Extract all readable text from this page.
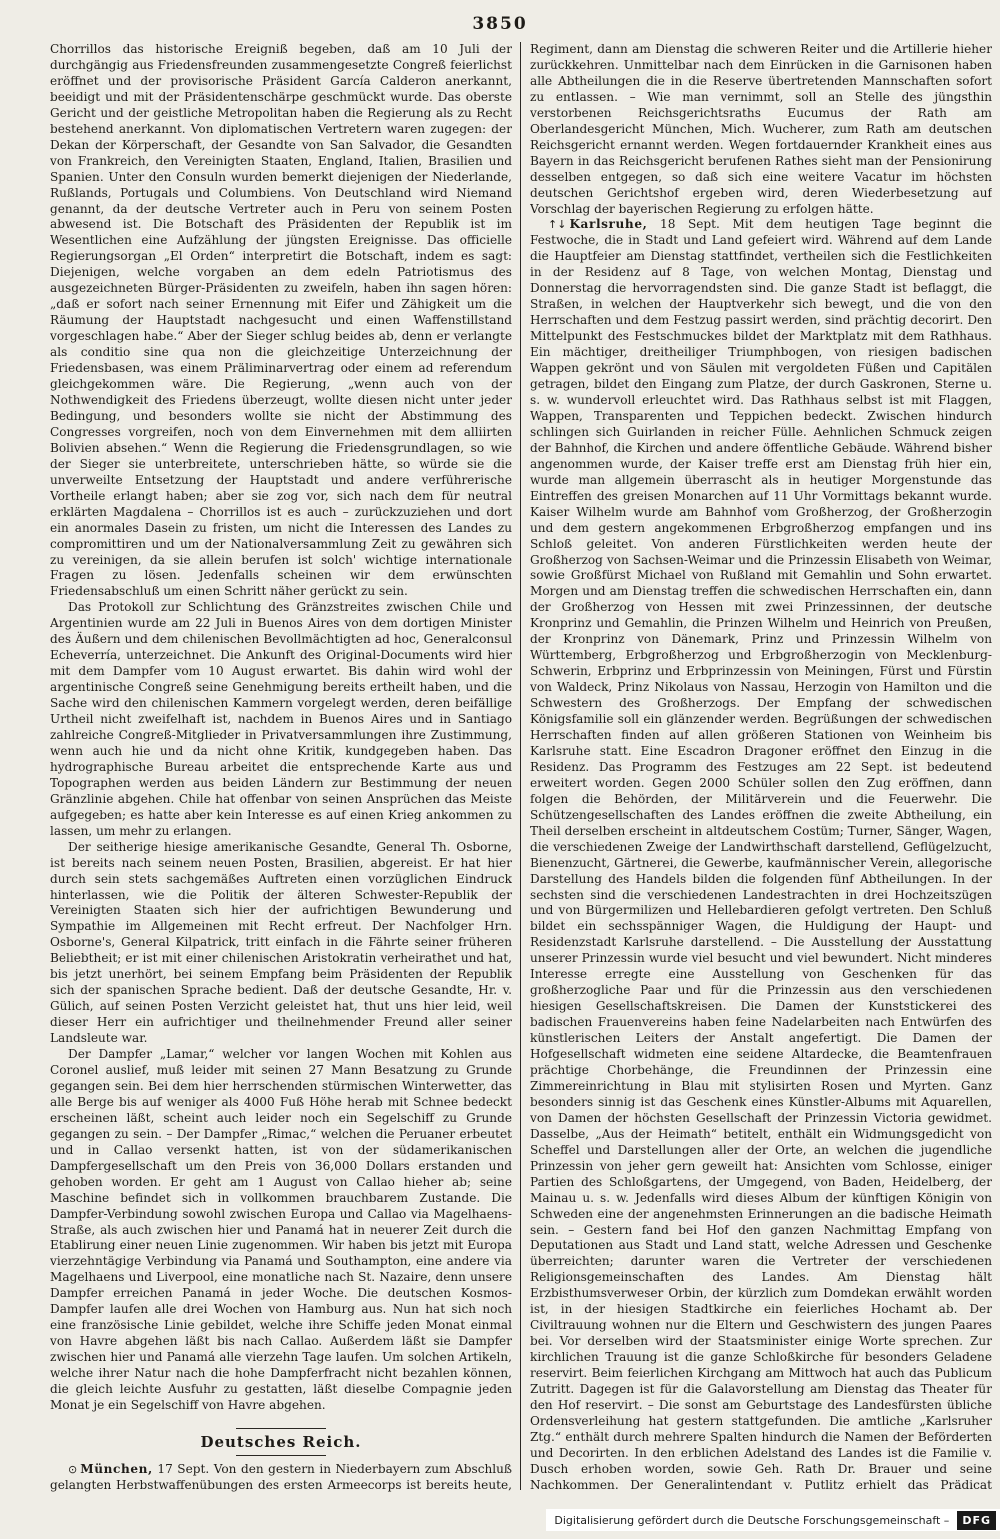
3850

Chorrillos das historische Ereigniß begeben, daß am 10 Juli der durchgängig aus Friedensfreunden zusammengesetzte Congreß feierlichst eröffnet und der provisorische Präsident García Calderon anerkannt, beeidigt und mit der Präsidentenschärpe geschmückt wurde. Das oberste Gericht und der geistliche Metropolitan haben die Regierung als zu Recht bestehend anerkannt. Von diplomatischen Vertretern waren zugegen: der Dekan der Körperschaft, der Gesandte von San Salvador, die Gesandten von Frankreich, den Vereinigten Staaten, England, Italien, Brasilien und Spanien. Unter den Consuln wurden bemerkt diejenigen der Niederlande, Rußlands, Portugals und Columbiens. Von Deutschland wird Niemand genannt, da der deutsche Vertreter auch in Peru von seinem Posten abwesend ist. Die Botschaft des Präsidenten der Republik ist im Wesentlichen eine Aufzählung der jüngsten Ereignisse. Das officielle Regierungsorgan „El Orden“ interpretirt die Botschaft, indem es sagt: Diejenigen, welche vorgaben an dem edeln Patriotismus des ausgezeichneten Bürger-Präsidenten zu zweifeln, haben ihn sagen hören: „daß er sofort nach seiner Ernennung mit Eifer und Zähigkeit um die Räumung der Hauptstadt nachgesucht und einen Waffenstillstand vorgeschlagen habe.“ Aber der Sieger schlug beides ab, denn er verlangte als conditio sine qua non die gleichzeitige Unterzeichnung der Friedensbasen, was einem Präliminarvertrag oder einem ad referendum gleichgekommen wäre. Die Regierung, „wenn auch von der Nothwendigkeit des Friedens überzeugt, wollte diesen nicht unter jeder Bedingung, und besonders wollte sie nicht der Abstimmung des Congresses vorgreifen, noch von dem Einvernehmen mit dem alliirten Bolivien absehen.“ Wenn die Regierung die Friedensgrundlagen, so wie der Sieger sie unterbreitete, unterschrieben hätte, so würde sie die unverweilte Entsetzung der Hauptstadt und andere verführerische Vortheile erlangt haben; aber sie zog vor, sich nach dem für neutral erklärten Magdalena – Chorrillos ist es auch – zurückzuziehen und dort ein anormales Dasein zu fristen, um nicht die Interessen des Landes zu compromittiren und um der Nationalversammlung Zeit zu gewähren sich zu vereinigen, da sie allein berufen ist solch' wichtige internationale Fragen zu lösen. Jedenfalls scheinen wir dem erwünschten Friedensabschluß um einen Schritt näher gerückt zu sein.

Das Protokoll zur Schlichtung des Gränzstreites zwischen Chile und Argentinien wurde am 22 Juli in Buenos Aires von dem dortigen Minister des Äußern und dem chilenischen Bevollmächtigten ad hoc, Generalconsul Echeverría, unterzeichnet. Die Ankunft des Original-Documents wird hier mit dem Dampfer vom 10 August erwartet. Bis dahin wird wohl der argentinische Congreß seine Genehmigung bereits ertheilt haben, und die Sache wird den chilenischen Kammern vorgelegt werden, deren beifällige Urtheil nicht zweifelhaft ist, nachdem in Buenos Aires und in Santiago zahlreiche Congreß-Mitglieder in Privatversammlungen ihre Zustimmung, wenn auch hie und da nicht ohne Kritik, kundgegeben haben. Das hydrographische Bureau arbeitet die entsprechende Karte aus und Topographen werden aus beiden Ländern zur Bestimmung der neuen Gränzlinie abgehen. Chile hat offenbar von seinen Ansprüchen das Meiste aufgegeben; es hatte aber kein Interesse es auf einen Krieg ankommen zu lassen, um mehr zu erlangen.

Der seitherige hiesige amerikanische Gesandte, General Th. Osborne, ist bereits nach seinem neuen Posten, Brasilien, abgereist. Er hat hier durch sein stets sachgemäßes Auftreten einen vorzüglichen Eindruck hinterlassen, wie die Politik der älteren Schwester-Republik der Vereinigten Staaten sich hier der aufrichtigen Bewunderung und Sympathie im Allgemeinen mit Recht erfreut. Der Nachfolger Hrn. Osborne's, General Kilpatrick, tritt einfach in die Fährte seiner früheren Beliebtheit; er ist mit einer chilenischen Aristokratin verheirathet und hat, bis jetzt unerhört, bei seinem Empfang beim Präsidenten der Republik sich der spanischen Sprache bedient. Daß der deutsche Gesandte, Hr. v. Gülich, auf seinen Posten Verzicht geleistet hat, thut uns hier leid, weil dieser Herr ein aufrichtiger und theilnehmender Freund aller seiner Landsleute war.

Der Dampfer „Lamar,“ welcher vor langen Wochen mit Kohlen aus Coronel auslief, muß leider mit seinen 27 Mann Besatzung zu Grunde gegangen sein. Bei dem hier herrschenden stürmischen Winterwetter, das alle Berge bis auf weniger als 4000 Fuß Höhe herab mit Schnee bedeckt erscheinen läßt, scheint auch leider noch ein Segelschiff zu Grunde gegangen zu sein. – Der Dampfer „Rimac,“ welchen die Peruaner erbeutet und in Callao versenkt hatten, ist von der südamerikanischen Dampfergesellschaft um den Preis von 36,000 Dollars erstanden und gehoben worden. Er geht am 1 August von Callao hieher ab; seine Maschine befindet sich in vollkommen brauchbarem Zustande. Die Dampfer-Verbindung sowohl zwischen Europa und Callao via Magelhaens-Straße, als auch zwischen hier und Panamá hat in neuerer Zeit durch die Etablirung einer neuen Linie zugenommen. Wir haben bis jetzt mit Europa vierzehntägige Verbindung via Panamá und Southampton, eine andere via Magelhaens und Liverpool, eine monatliche nach St. Nazaire, denn unsere Dampfer erreichen Panamá in jeder Woche. Die deutschen Kosmos-Dampfer laufen alle drei Wochen von Hamburg aus. Nun hat sich noch eine französische Linie gebildet, welche ihre Schiffe jeden Monat einmal von Havre abgehen läßt bis nach Callao. Außerdem läßt sie Dampfer zwischen hier und Panamá alle vierzehn Tage laufen. Um solchen Artikeln, welche ihrer Natur nach die hohe Dampferfracht nicht bezahlen können, die gleich leichte Ausfuhr zu gestatten, läßt dieselbe Compagnie jeden Monat je ein Segelschiff von Havre abgehen.

Deutsches Reich.

⊙ München, 17 Sept. Von den gestern in Niederbayern zum Abschluß gelangten Herbstwaffenübungen des ersten Armeecorps ist bereits heute,

Regiment, dann am Dienstag die schweren Reiter und die Artillerie hieher zurückkehren. Unmittelbar nach dem Einrücken in die Garnisonen haben alle Abtheilungen die in die Reserve übertretenden Mannschaften sofort zu entlassen. – Wie man vernimmt, soll an Stelle des jüngsthin verstorbenen Reichsgerichtsraths Eucumus der Rath am Oberlandesgericht München, Mich. Wucherer, zum Rath am deutschen Reichsgericht ernannt werden. Wegen fortdauernder Krankheit eines aus Bayern in das Reichsgericht berufenen Rathes sieht man der Pensionirung desselben entgegen, so daß sich eine weitere Vacatur im höchsten deutschen Gerichtshof ergeben wird, deren Wiederbesetzung auf Vorschlag der bayerischen Regierung zu erfolgen hätte.

↑↓ Karlsruhe, 18 Sept. Mit dem heutigen Tage beginnt die Festwoche, die in Stadt und Land gefeiert wird. Während auf dem Lande die Hauptfeier am Dienstag stattfindet, vertheilen sich die Festlichkeiten in der Residenz auf 8 Tage, von welchen Montag, Dienstag und Donnerstag die hervorragendsten sind. Die ganze Stadt ist beflaggt, die Straßen, in welchen der Hauptverkehr sich bewegt, und die von den Herrschaften und dem Festzug passirt werden, sind prächtig decorirt. Den Mittelpunkt des Festschmuckes bildet der Marktplatz mit dem Rathhaus. Ein mächtiger, dreitheiliger Triumphbogen, von riesigen badischen Wappen gekrönt und von Säulen mit vergoldeten Füßen und Capitälen getragen, bildet den Eingang zum Platze, der durch Gaskronen, Sterne u. s. w. wundervoll erleuchtet wird. Das Rathhaus selbst ist mit Flaggen, Wappen, Transparenten und Teppichen bedeckt. Zwischen hindurch schlingen sich Guirlanden in reicher Fülle. Aehnlichen Schmuck zeigen der Bahnhof, die Kirchen und andere öffentliche Gebäude. Während bisher angenommen wurde, der Kaiser treffe erst am Dienstag früh hier ein, wurde man allgemein überrascht als in heutiger Morgenstunde das Eintreffen des greisen Monarchen auf 11 Uhr Vormittags bekannt wurde. Kaiser Wilhelm wurde am Bahnhof vom Großherzog, der Großherzogin und dem gestern angekommenen Erbgroßherzog empfangen und ins Schloß geleitet. Von anderen Fürstlichkeiten werden heute der Großherzog von Sachsen-Weimar und die Prinzessin Elisabeth von Weimar, sowie Großfürst Michael von Rußland mit Gemahlin und Sohn erwartet. Morgen und am Dienstag treffen die schwedischen Herrschaften ein, dann der Großherzog von Hessen mit zwei Prinzessinnen, der deutsche Kronprinz und Gemahlin, die Prinzen Wilhelm und Heinrich von Preußen, der Kronprinz von Dänemark, Prinz und Prinzessin Wilhelm von Württemberg, Erbgroßherzog und Erbgroßherzogin von Mecklenburg-Schwerin, Erbprinz und Erbprinzessin von Meiningen, Fürst und Fürstin von Waldeck, Prinz Nikolaus von Nassau, Herzogin von Hamilton und die Schwestern des Großherzogs. Der Empfang der schwedischen Königsfamilie soll ein glänzender werden. Begrüßungen der schwedischen Herrschaften finden auf allen größeren Stationen von Weinheim bis Karlsruhe statt. Eine Escadron Dragoner eröffnet den Einzug in die Residenz. Das Programm des Festzuges am 22 Sept. ist bedeutend erweitert worden. Gegen 2000 Schüler sollen den Zug eröffnen, dann folgen die Behörden, der Militärverein und die Feuerwehr. Die Schützengesellschaften des Landes eröffnen die zweite Abtheilung, ein Theil derselben erscheint in altdeutschem Costüm; Turner, Sänger, Wagen, die verschiedenen Zweige der Landwirthschaft darstellend, Geflügelzucht, Bienenzucht, Gärtnerei, die Gewerbe, kaufmännischer Verein, allegorische Darstellung des Handels bilden die folgenden fünf Abtheilungen. In der sechsten sind die verschiedenen Landestrachten in drei Hochzeitszügen und von Bürgermilizen und Hellebardieren gefolgt vertreten. Den Schluß bildet ein sechsspänniger Wagen, die Huldigung der Haupt- und Residenzstadt Karlsruhe darstellend. – Die Ausstellung der Ausstattung unserer Prinzessin wurde viel besucht und viel bewundert. Nicht minderes Interesse erregte eine Ausstellung von Geschenken für das großherzogliche Paar und für die Prinzessin aus den verschiedenen hiesigen Gesellschaftskreisen. Die Damen der Kunststickerei des badischen Frauenvereins haben feine Nadelarbeiten nach Entwürfen des künstlerischen Leiters der Anstalt angefertigt. Die Damen der Hofgesellschaft widmeten eine seidene Altardecke, die Beamtenfrauen prächtige Chorbehänge, die Freundinnen der Prinzessin eine Zimmereinrichtung in Blau mit stylisirten Rosen und Myrten. Ganz besonders sinnig ist das Geschenk eines Künstler-Albums mit Aquarellen, von Damen der höchsten Gesellschaft der Prinzessin Victoria gewidmet. Dasselbe, „Aus der Heimath“ betitelt, enthält ein Widmungsgedicht von Scheffel und Darstellungen aller der Orte, an welchen die jugendliche Prinzessin von jeher gern geweilt hat: Ansichten vom Schlosse, einiger Partien des Schloßgartens, der Umgegend, von Baden, Heidelberg, der Mainau u. s. w. Jedenfalls wird dieses Album der künftigen Königin von Schweden eine der angenehmsten Erinnerungen an die badische Heimath sein. – Gestern fand bei Hof den ganzen Nachmittag Empfang von Deputationen aus Stadt und Land statt, welche Adressen und Geschenke überreichten; darunter waren die Vertreter der verschiedenen Religionsgemeinschaften des Landes. Am Dienstag hält Erzbisthumsverweser Orbin, der kürzlich zum Domdekan erwählt worden ist, in der hiesigen Stadtkirche ein feierliches Hochamt ab. Der Civiltrauung wohnen nur die Eltern und Geschwistern des jungen Paares bei. Vor derselben wird der Staatsminister einige Worte sprechen. Zur kirchlichen Trauung ist die ganze Schloßkirche für besonders Geladene reservirt. Beim feierlichen Kirchgang am Mittwoch hat auch das Publicum Zutritt. Dagegen ist für die Galavorstellung am Dienstag das Theater für den Hof reservirt. – Die sonst am Geburtstage des Landesfürsten übliche Ordensverleihung hat gestern stattgefunden. Die amtliche „Karlsruher Ztg.“ enthält durch mehrere Spalten hindurch die Namen der Beförderten und Decorirten. In den erblichen Adelstand des Landes ist die Familie v. Dusch erhoben worden, sowie Geh. Rath Dr. Brauer und seine Nachkommen. Der Generalintendant v. Putlitz erhielt das Prädicat

Digitalisierung gefördert durch die Deutsche Forschungsgemeinschaft –	DFG
